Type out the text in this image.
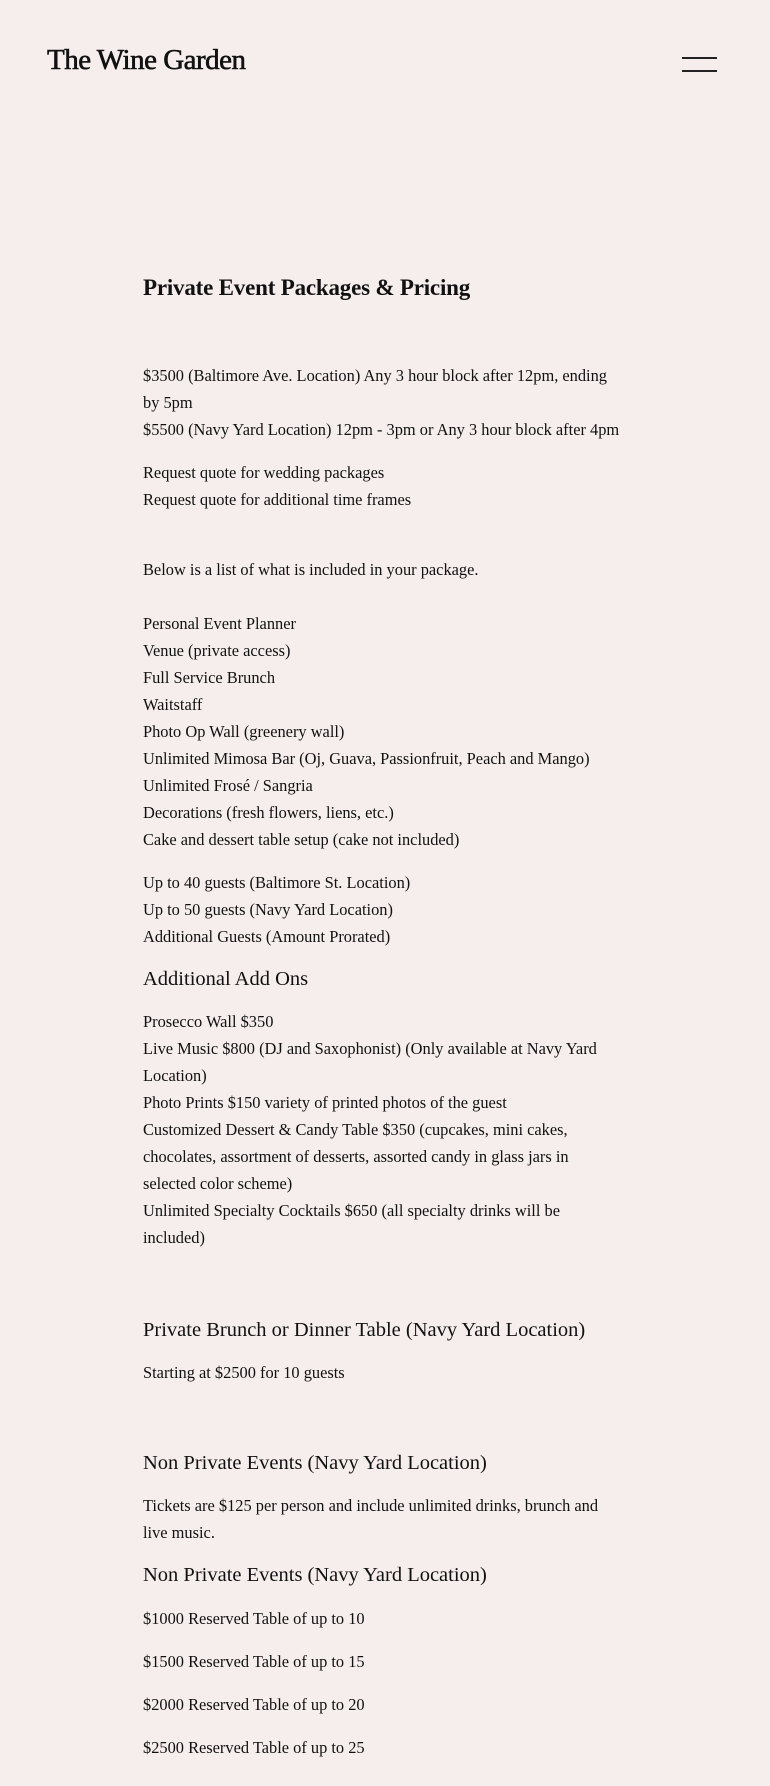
The Wine Garden
Private Event Packages & Pricing

$3500 (Baltimore Ave. Location) Any 3 hour block after 12pm, ending by 5pm
$5500 (Navy Yard Location) 12pm - 3pm or Any 3 hour block after 4pm

Request quote for wedding packages
Request quote for additional time frames

Below is a list of what is included in your package.

Personal Event Planner
Venue (private access)
Full Service Brunch
Waitstaff
Photo Op Wall (greenery wall)
Unlimited Mimosa Bar (Oj, Guava, Passionfruit, Peach and Mango)
Unlimited Frosé / Sangria
Decorations (fresh flowers, liens, etc.)
Cake and dessert table setup (cake not included)

Up to 40 guests (Baltimore St. Location)
Up to 50 guests (Navy Yard Location)
Additional Guests (Amount Prorated)

Additional Add Ons

Prosecco Wall $350
Live Music $800 (DJ and Saxophonist) (Only available at Navy Yard Location)
Photo Prints $150 variety of printed photos of the guest
Customized Dessert & Candy Table $350 (cupcakes, mini cakes, chocolates, assortment of desserts, assorted candy in glass jars in selected color scheme)
Unlimited Specialty Cocktails $650 (all specialty drinks will be included)

Private Brunch or Dinner Table (Navy Yard Location)

Starting at $2500 for 10 guests

Non Private Events (Navy Yard Location)

Tickets are $125 per person and include unlimited drinks, brunch and live music.

Non Private Events (Navy Yard Location)

$1000 Reserved Table of up to 10

$1500 Reserved Table of up to 15

$2000 Reserved Table of up to 20

$2500 Reserved Table of up to 25
